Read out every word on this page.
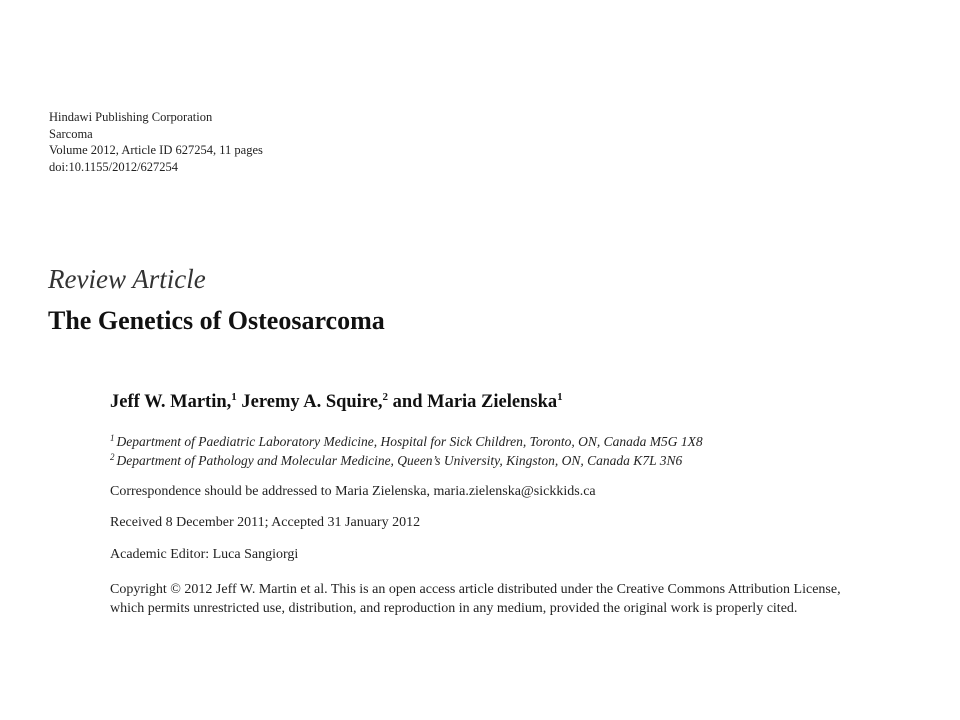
Hindawi Publishing Corporation
Sarcoma
Volume 2012, Article ID 627254, 11 pages
doi:10.1155/2012/627254
Review Article
The Genetics of Osteosarcoma
Jeff W. Martin,$^1$ Jeremy A. Squire,$^2$ and Maria Zielenska$^1$
$^1$ Department of Paediatric Laboratory Medicine, Hospital for Sick Children, Toronto, ON, Canada M5G 1X8
$^2$ Department of Pathology and Molecular Medicine, Queen’s University, Kingston, ON, Canada K7L 3N6
Correspondence should be addressed to Maria Zielenska, maria.zielenska@sickkids.ca
Received 8 December 2011; Accepted 31 January 2012
Academic Editor: Luca Sangiorgi
Copyright © 2012 Jeff W. Martin et al. This is an open access article distributed under the Creative Commons Attribution License,
which permits unrestricted use, distribution, and reproduction in any medium, provided the original work is properly cited.
